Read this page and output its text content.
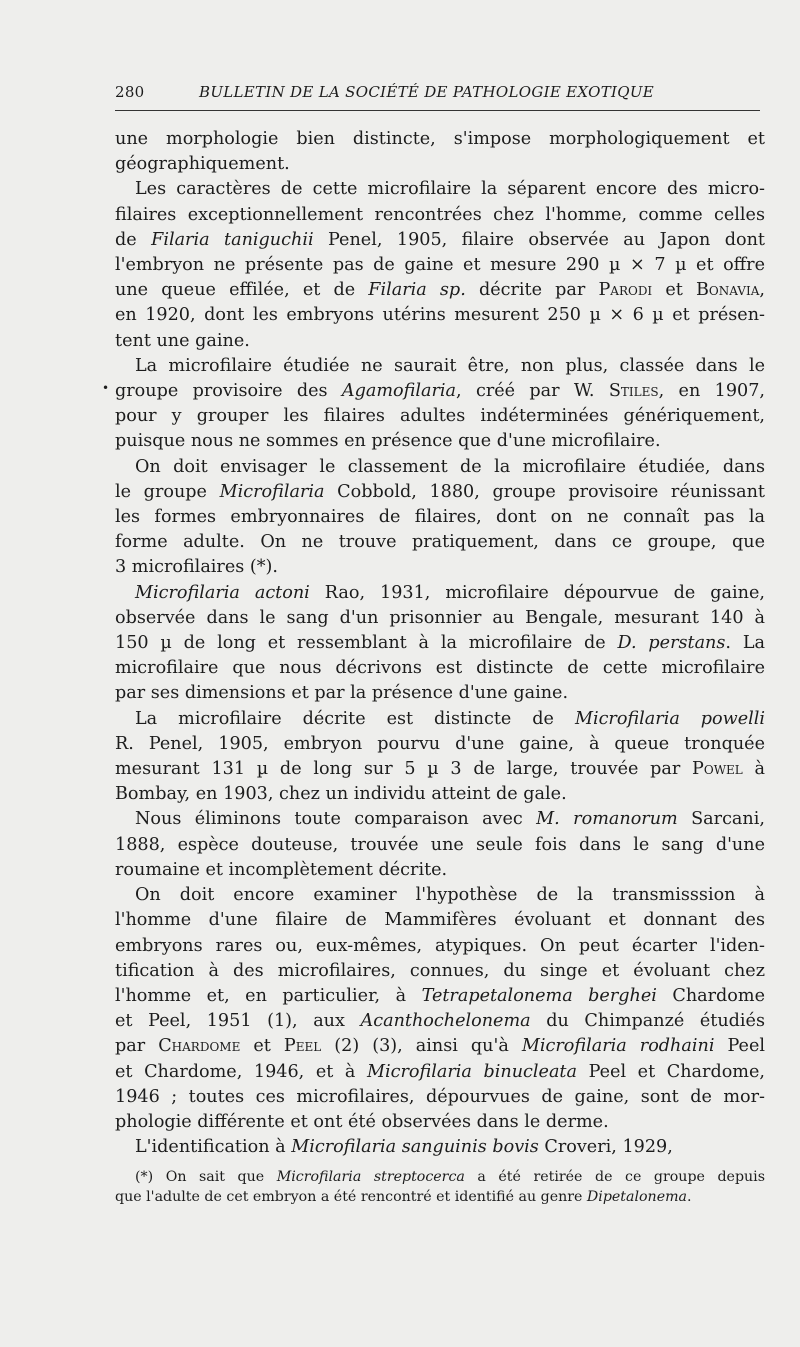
280	BULLETIN DE LA SOCIÉTÉ DE PATHOLOGIE EXOTIQUE
•

une morphologie bien distincte, s'impose morphologiquement et
géographiquement.

Les caractères de cette microfilaire la séparent encore des micro-
filaires exceptionnellement rencontrées chez l'homme, comme celles
de Filaria taniguchii Penel, 1905, filaire observée au Japon dont
l'embryon ne présente pas de gaine et mesure 290 µ × 7 µ et offre
une queue effilée, et de Filaria sp. décrite par Parodi et Bonavia,
en 1920, dont les embryons utérins mesurent 250 µ × 6 µ et présen-
tent une gaine.

La microfilaire étudiée ne saurait être, non plus, classée dans le
groupe provisoire des Agamofilaria, créé par W. Stiles, en 1907,
pour y grouper les filaires adultes indéterminées génériquement,
puisque nous ne sommes en présence que d'une microfilaire.

On doit envisager le classement de la microfilaire étudiée, dans
le groupe Microfilaria Cobbold, 1880, groupe provisoire réunissant
les formes embryonnaires de filaires, dont on ne connaît pas la
forme adulte. On ne trouve pratiquement, dans ce groupe, que
3 microfilaires (*).

Microfilaria actoni Rao, 1931, microfilaire dépourvue de gaine,
observée dans le sang d'un prisonnier au Bengale, mesurant 140 à
150 µ de long et ressemblant à la microfilaire de D. perstans. La
microfilaire que nous décrivons est distincte de cette microfilaire
par ses dimensions et par la présence d'une gaine.

La microfilaire décrite est distincte de Microfilaria powelli
R. Penel, 1905, embryon pourvu d'une gaine, à queue tronquée
mesurant 131 µ de long sur 5 µ 3 de large, trouvée par Powel à
Bombay, en 1903, chez un individu atteint de gale.

Nous éliminons toute comparaison avec M. romanorum Sarcani,
1888, espèce douteuse, trouvée une seule fois dans le sang d'une
roumaine et incomplètement décrite.

On doit encore examiner l'hypothèse de la transmisssion à
l'homme d'une filaire de Mammifères évoluant et donnant des
embryons rares ou, eux-mêmes, atypiques. On peut écarter l'iden-
tification à des microfilaires, connues, du singe et évoluant chez
l'homme et, en particulier, à Tetrapetalonema berghei Chardome
et Peel, 1951 (1), aux Acanthochelonema du Chimpanzé étudiés
par Chardome et Peel (2) (3), ainsi qu'à Microfilaria rodhaini Peel
et Chardome, 1946, et à Microfilaria binucleata Peel et Chardome,
1946 ; toutes ces microfilaires, dépourvues de gaine, sont de mor-
phologie différente et ont été observées dans le derme.

L'identification à Microfilaria sanguinis bovis Croveri, 1929,

(*) On sait que Microfilaria streptocerca a été retirée de ce groupe depuis
que l'adulte de cet embryon a été rencontré et identifié au genre Dipetalonema.
